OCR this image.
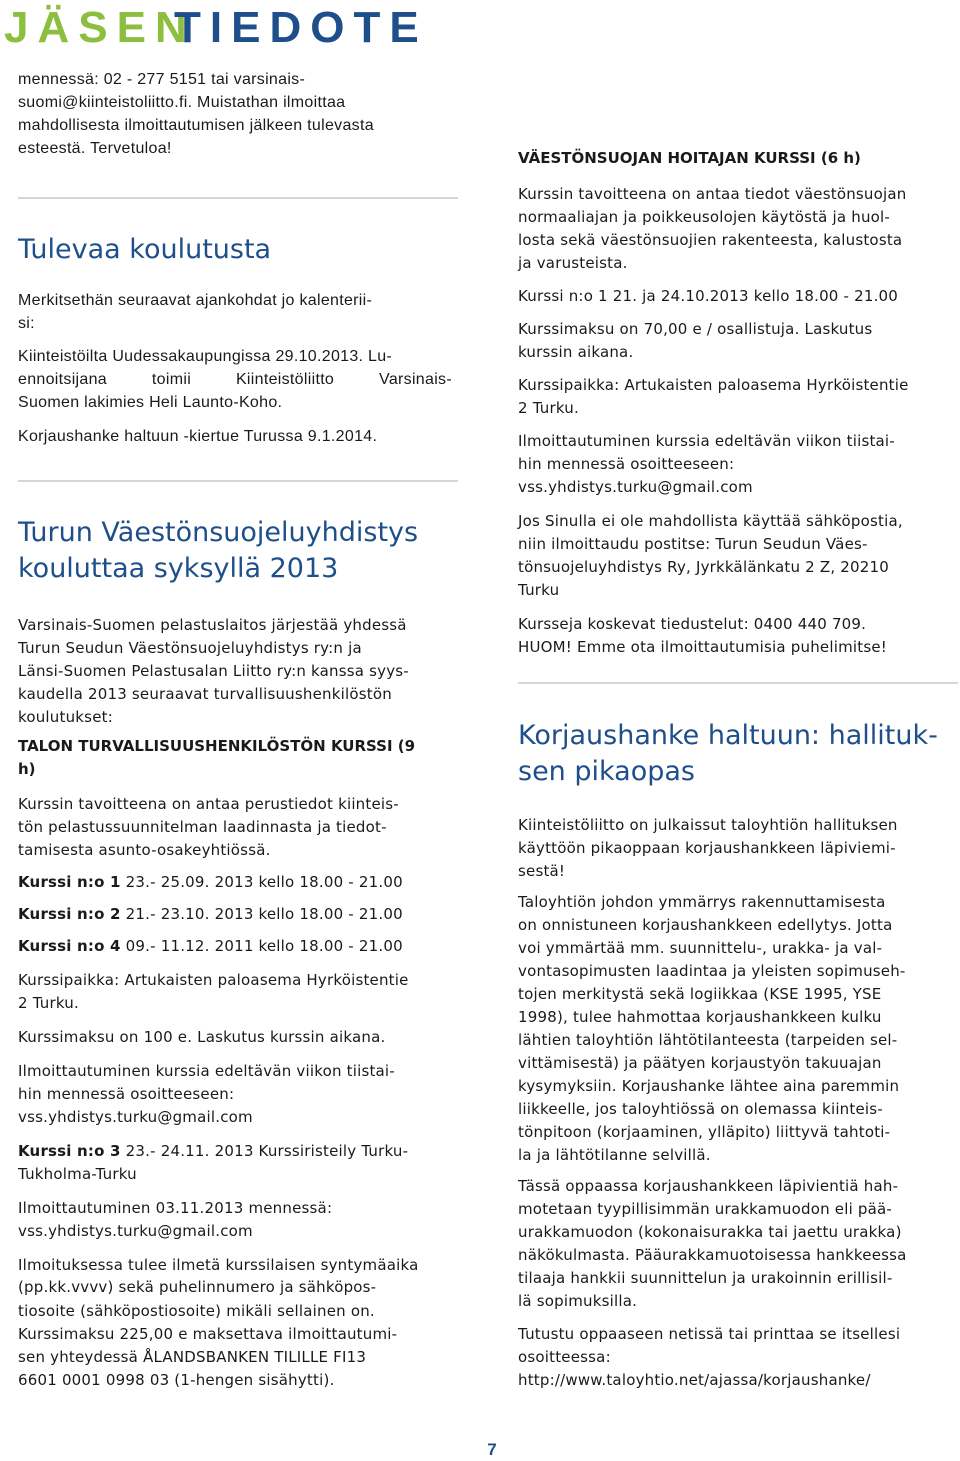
JÄSEN
TIEDOTE

mennessä: 02 - 277 5151 tai varsinais-

suomi@kiinteistoliitto.fi. Muistathan ilmoittaa

mahdollisesta ilmoittautumisen jälkeen tulevasta

esteestä. Tervetuloa!

Tulevaa koulutusta

Merkitsethän seuraavat ajankohdat jo kalenterii-

si:

Kiinteistöilta Uudessakaupungissa 29.10.2013. Lu-

ennoitsijana toimii Kiinteistöliitto Varsinais-

Suomen lakimies Heli Launto-Koho.

Korjaushanke haltuun -kiertue Turussa 9.1.2014.

Turun Väestönsuojeluyhdistys
kouluttaa syksyllä 2013

Varsinais-Suomen pelastuslaitos järjestää yhdessä

Turun Seudun Väestönsuojeluyhdistys ry:n ja

Länsi-Suomen Pelastusalan Liitto ry:n kanssa syys-

kaudella 2013 seuraavat turvallisuushenkilöstön

koulutukset:

TALON TURVALLISUUSHENKILÖSTÖN KURSSI (9

h)

Kurssin tavoitteena on antaa perustiedot kiinteis-

tön pelastussuunnitelman laadinnasta ja tiedot-

tamisesta asunto-osakeyhtiössä.

Kurssi n:o 1 23.- 25.09. 2013 kello 18.00 - 21.00

Kurssi n:o 2 21.- 23.10. 2013 kello 18.00 - 21.00

Kurssi n:o 4 09.- 11.12. 2011 kello 18.00 - 21.00

Kurssipaikka: Artukaisten paloasema Hyrköistentie

2 Turku.

Kurssimaksu on 100 e. Laskutus kurssin aikana.

Ilmoittautuminen kurssia edeltävän viikon tiistai-

hin mennessä osoitteeseen:

vss.yhdistys.turku@gmail.com

Kurssi n:o 3 23.- 24.11. 2013 Kurssiristeily Turku-

Tukholma-Turku

Ilmoittautuminen 03.11.2013 mennessä:

vss.yhdistys.turku@gmail.com

Ilmoituksessa tulee ilmetä kurssilaisen syntymäaika (pp.kk.vvvv) sekä puhelinnumero ja sähköpos-

tiosoite (sähköpostiosoite) mikäli sellainen on.

Kurssimaksu 225,00 e maksettava ilmoittautumi-

sen yhteydessä ÅLANDSBANKEN TILILLE FI13

6601 0001 0998 03 (1-hengen sisähytti).

VÄESTÖNSUOJAN HOITAJAN KURSSI (6 h)

Kurssin tavoitteena on antaa tiedot väestönsuojan

normaaliajan ja poikkeusolojen käytöstä ja huol-

losta sekä väestönsuojien rakenteesta, kalustosta

ja varusteista.

Kurssi n:o 1 21. ja 24.10.2013 kello 18.00 - 21.00

Kurssimaksu on 70,00 e / osallistuja. Laskutus

kurssin aikana.

Kurssipaikka: Artukaisten paloasema Hyrköistentie

2 Turku.

Ilmoittautuminen kurssia edeltävän viikon tiistai-

hin mennessä osoitteeseen:

vss.yhdistys.turku@gmail.com

Jos Sinulla ei ole mahdollista käyttää sähköpostia,

niin ilmoittaudu postitse: Turun Seudun Väes-

tönsuojeluyhdistys Ry, Jyrkkälänkatu 2 Z, 20210

Turku

Kursseja koskevat tiedustelut: 0400 440 709.

HUOM! Emme ota ilmoittautumisia puhelimitse!

Korjaushanke haltuun: hallituk-
sen pikaopas

Kiinteistöliitto on julkaissut taloyhtiön hallituksen

käyttöön pikaoppaan korjaushankkeen läpiviemi-

sestä!

Taloyhtiön johdon ymmärrys rakennuttamisesta

on onnistuneen korjaushankkeen edellytys. Jotta

voi ymmärtää mm. suunnittelu-, urakka- ja val-

vontasopimusten laadintaa ja yleisten sopimuseh-

tojen merkitystä sekä logiikkaa (KSE 1995, YSE

1998), tulee hahmottaa korjaushankkeen kulku

lähtien taloyhtiön lähtötilanteesta (tarpeiden sel-

vittämisestä) ja päätyen korjaustyön takuuajan

kysymyksiin. Korjaushanke lähtee aina paremmin

liikkeelle, jos taloyhtiössä on olemassa kiinteis-

tönpitoon (korjaaminen, ylläpito) liittyvä tahtoti-

la ja lähtötilanne selvillä.

Tässä oppaassa korjaushankkeen läpivientiä hah-

motetaan tyypillisimmän urakkamuodon eli pää-

urakkamuodon (kokonaisurakka tai jaettu urakka)

näkökulmasta. Pääurakkamuotoisessa hankkeessa

tilaaja hankkii suunnittelun ja urakoinnin erillisil-

lä sopimuksilla.

Tutustu oppaaseen netissä tai printtaa se itsellesi

osoitteessa:

http://www.taloyhtio.net/ajassa/korjaushanke/

7
